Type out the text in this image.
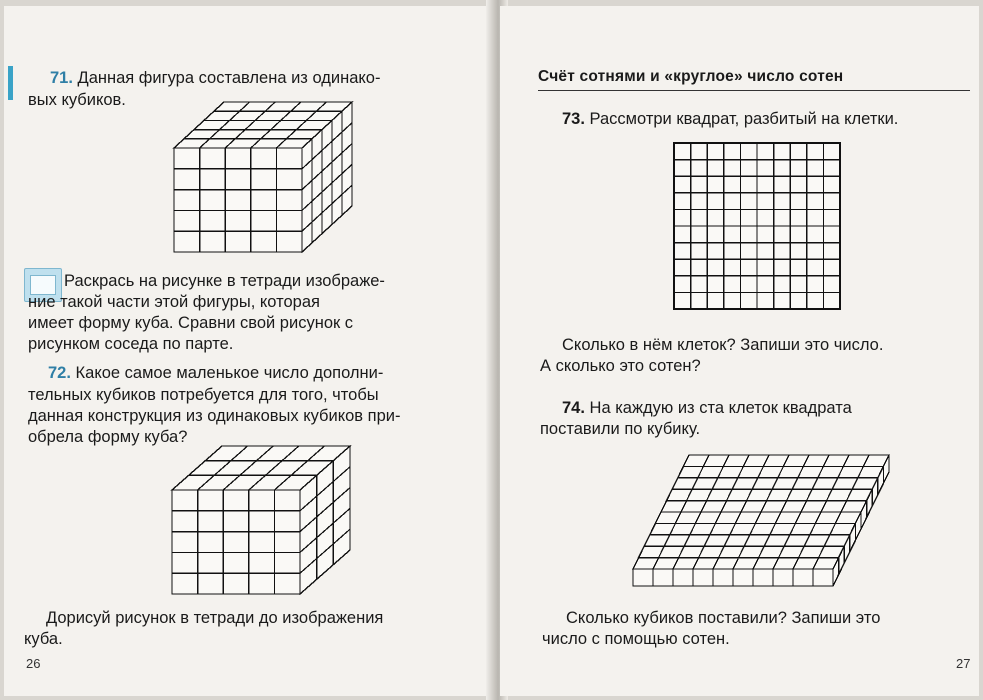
71. Данная фигура составлена из одинако-
вых кубиков.
Раскрась на рисунке в тетради изображе-
ние такой части этой фигуры, которая
имеет форму куба. Сравни свой рисунок с
рисунком соседа по парте.
72. Какое самое маленькое число дополни-
тельных кубиков потребуется для того, чтобы
данная конструкция из одинаковых кубиков при-
обрела форму куба?
Дорисуй рисунок в тетради до изображения
куба.
26
Счёт сотнями и «круглое» число сотен
73. Рассмотри квадрат, разбитый на клетки.
Сколько в нём клеток? Запиши это число.
А сколько это сотен?
74. На каждую из ста клеток квадрата
поставили по кубику.
Сколько кубиков поставили? Запиши это
число с помощью сотен.
27
